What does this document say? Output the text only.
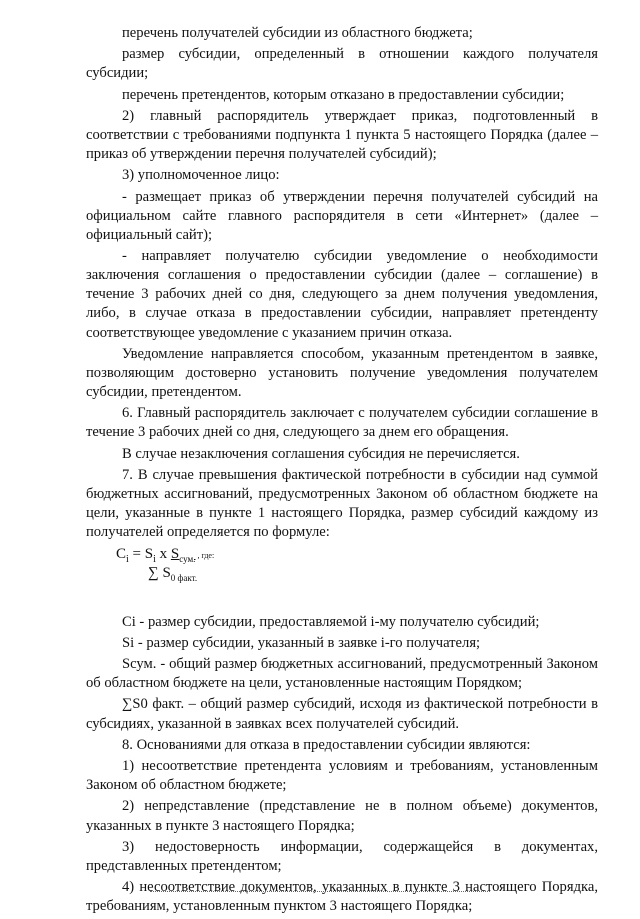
перечень получателей субсидии из областного бюджета;

размер субсидии, определенный в отношении каждого получателя субсидии;

перечень претендентов, которым отказано в предоставлении субсидии;

2) главный распорядитель утверждает приказ, подготовленный в соответствии с требованиями подпункта 1 пункта 5 настоящего Порядка (далее – приказ об утверждении перечня получателей субсидий);

3) уполномоченное лицо:

- размещает приказ об утверждении перечня получателей субсидий на официальном сайте главного распорядителя в сети «Интернет» (далее – официальный сайт);

- направляет получателю субсидии уведомление о необходимости заключения соглашения о предоставлении субсидии (далее – соглашение) в течение 3 рабочих дней со дня, следующего за днем получения уведомления, либо, в случае отказа в предоставлении субсидии, направляет претенденту соответствующее уведомление с указанием причин отказа.

Уведомление направляется способом, указанным претендентом в заявке, позволяющим достоверно установить получение уведомления получателем субсидии, претендентом.

6. Главный распорядитель заключает с получателем субсидии соглашение в течение 3 рабочих дней со дня, следующего за днем его обращения.

В случае незаключения соглашения субсидия не перечисляется.

7. В случае превышения фактической потребности в субсидии над суммой бюджетных ассигнований, предусмотренных Законом об областном бюджете на цели, указанные в пункте 1 настоящего Порядка, размер субсидий каждому из получателей определяется по формуле:

$C_i = S_i$ x $S_{сум.}$ , где:
∑ $S_{0 факт.}$

Ci - размер субсидии, предоставляемой i-му получателю субсидий;

Si - размер субсидии, указанный в заявке i-го получателя;

Sсум. - общий размер бюджетных ассигнований, предусмотренный Законом об областном бюджете на цели, установленные настоящим Порядком;

∑S0 факт. – общий размер субсидий, исходя из фактической потребности в субсидиях, указанной в заявках всех получателей субсидий.

8. Основаниями для отказа в предоставлении субсидии являются:

1) несоответствие претендента условиям и требованиям, установленным Законом об областном бюджете;

2) непредставление (представление не в полном объеме) документов, указанных в пункте 3 настоящего Порядка;

3) недостоверность информации, содержащейся в документах, представленных претендентом;

4) несоответствие документов, указанных в пункте 3 настоящего Порядка, требованиям, установленным пунктом 3 настоящего Порядка;
